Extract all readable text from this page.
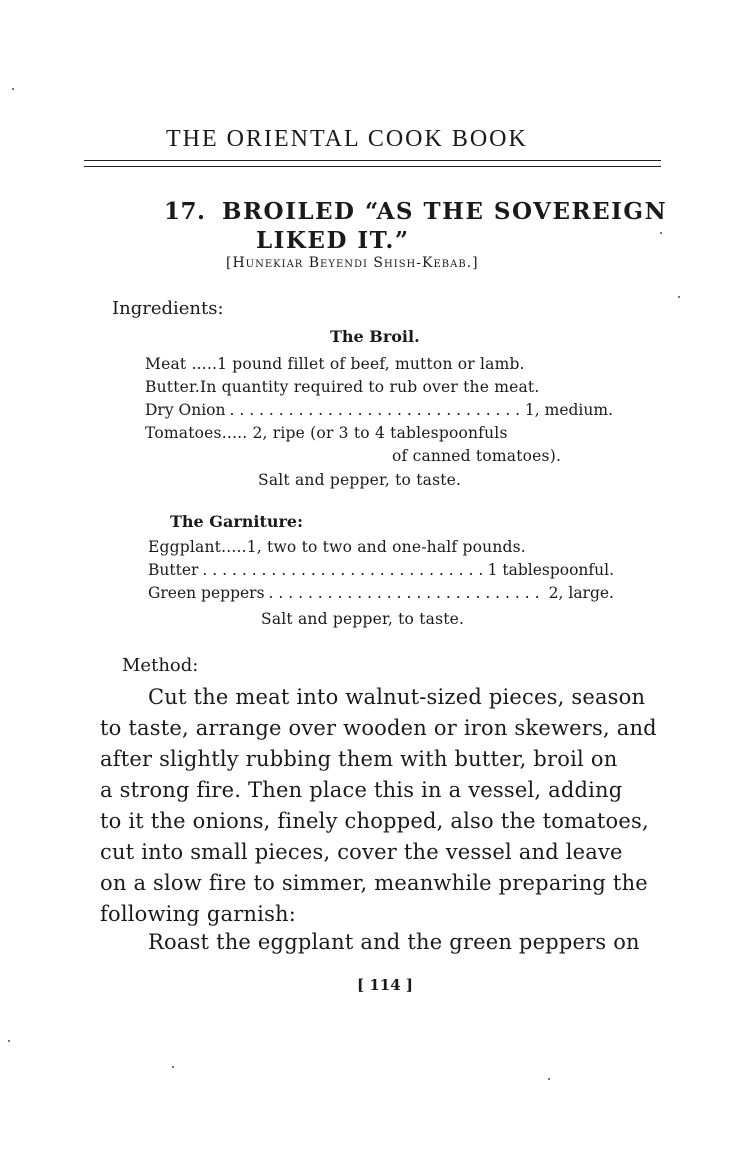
THE ORIENTAL COOK BOOK
17. BROILED “AS THE SOVEREIGN
LIKED IT.”
[Hunekiar Beyendi Shish-Kebab.]
Ingredients:
The Broil.
Meat .....1 pound fillet of beef, mutton or lamb.
Butter.In quantity required to rub over the meat.
Dry Onion . . .	1, medium.
Tomatoes..... 2, ripe (or 3 to 4 tablespoonfuls
of canned tomatoes).
Salt and pepper, to taste.
The Garniture:
Eggplant.....1, two to two and one-half pounds.
Butter . . .	1 tablespoonful.
Green peppers . . .	2, large.
Salt and pepper, to taste.
Method:
Cut the meat into walnut-sized pieces, season
to taste, arrange over wooden or iron skewers, and
after slightly rubbing them with butter, broil on
a strong fire. Then place this in a vessel, adding
to it the onions, finely chopped, also the tomatoes,
cut into small pieces, cover the vessel and leave
on a slow fire to simmer, meanwhile preparing the
following garnish:
Roast the eggplant and the green peppers on
[ 114 ]
